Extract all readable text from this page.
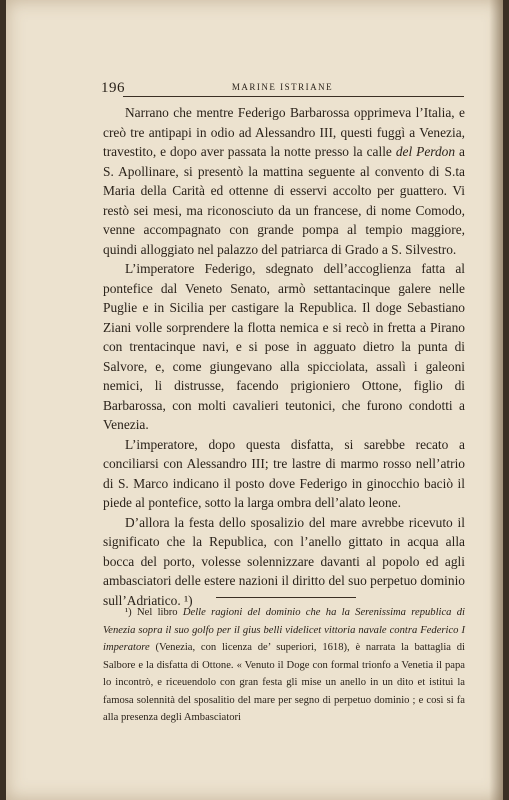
196	MARINE ISTRIANE

Narrano che mentre Federigo Barbarossa opprimeva l’Italia, e creò tre antipapi in odio ad Alessandro III, questi fuggì a Venezia, travestito, e dopo aver passata la notte presso la calle del Perdon a S. Apollinare, si presentò la mattina seguente al convento di S.ta Maria della Carità ed ottenne di esservi accolto per guattero. Vi restò sei mesi, ma riconosciuto da un francese, di nome Comodo, venne accompagnato con grande pompa al tempio maggiore, quindi alloggiato nel palazzo del patriarca di Grado a S. Silvestro.

L’imperatore Federigo, sdegnato dell’accoglienza fatta al pontefice dal Veneto Senato, armò settantacinque galere nelle Puglie e in Sicilia per castigare la Republica. Il doge Sebastiano Ziani volle sorprendere la flotta nemica e si recò in fretta a Pirano con trentacinque navi, e si pose in agguato dietro la punta di Salvore, e, come giungevano alla spicciolata, assalì i galeoni nemici, li distrusse, facendo prigioniero Ottone, figlio di Barbarossa, con molti cavalieri teutonici, che furono condotti a Venezia.

L’imperatore, dopo questa disfatta, si sarebbe recato a conciliarsi con Alessandro III; tre lastre di marmo rosso nell’atrio di S. Marco indicano il posto dove Federigo in ginocchio baciò il piede al pontefice, sotto la larga ombra dell’alato leone.

D’allora la festa dello sposalizio del mare avrebbe ricevuto il significato che la Republica, con l’anello gittato in acqua alla bocca del porto, volesse solennizzare davanti al popolo ed agli ambasciatori delle estere nazioni il diritto del suo perpetuo dominio sull’Adriatico. ¹)

¹) Nel libro Delle ragioni del dominio che ha la Serenissima republica di Venezia sopra il suo golfo per il gius belli videlicet vittoria navale contra Federico I imperatore (Venezia, con licenza de’ superiori, 1618), è narrata la battaglia di Salbore e la disfatta di Ottone. « Venuto il Doge con formal trionfo a Venetia il papa lo incontrò, e riceuendolo con gran festa gli mise un anello in un dito et istituì la famosa solennità del sposalitio del mare per segno di perpetuo dominio ; e così si fa alla presenza degli Ambasciatori
